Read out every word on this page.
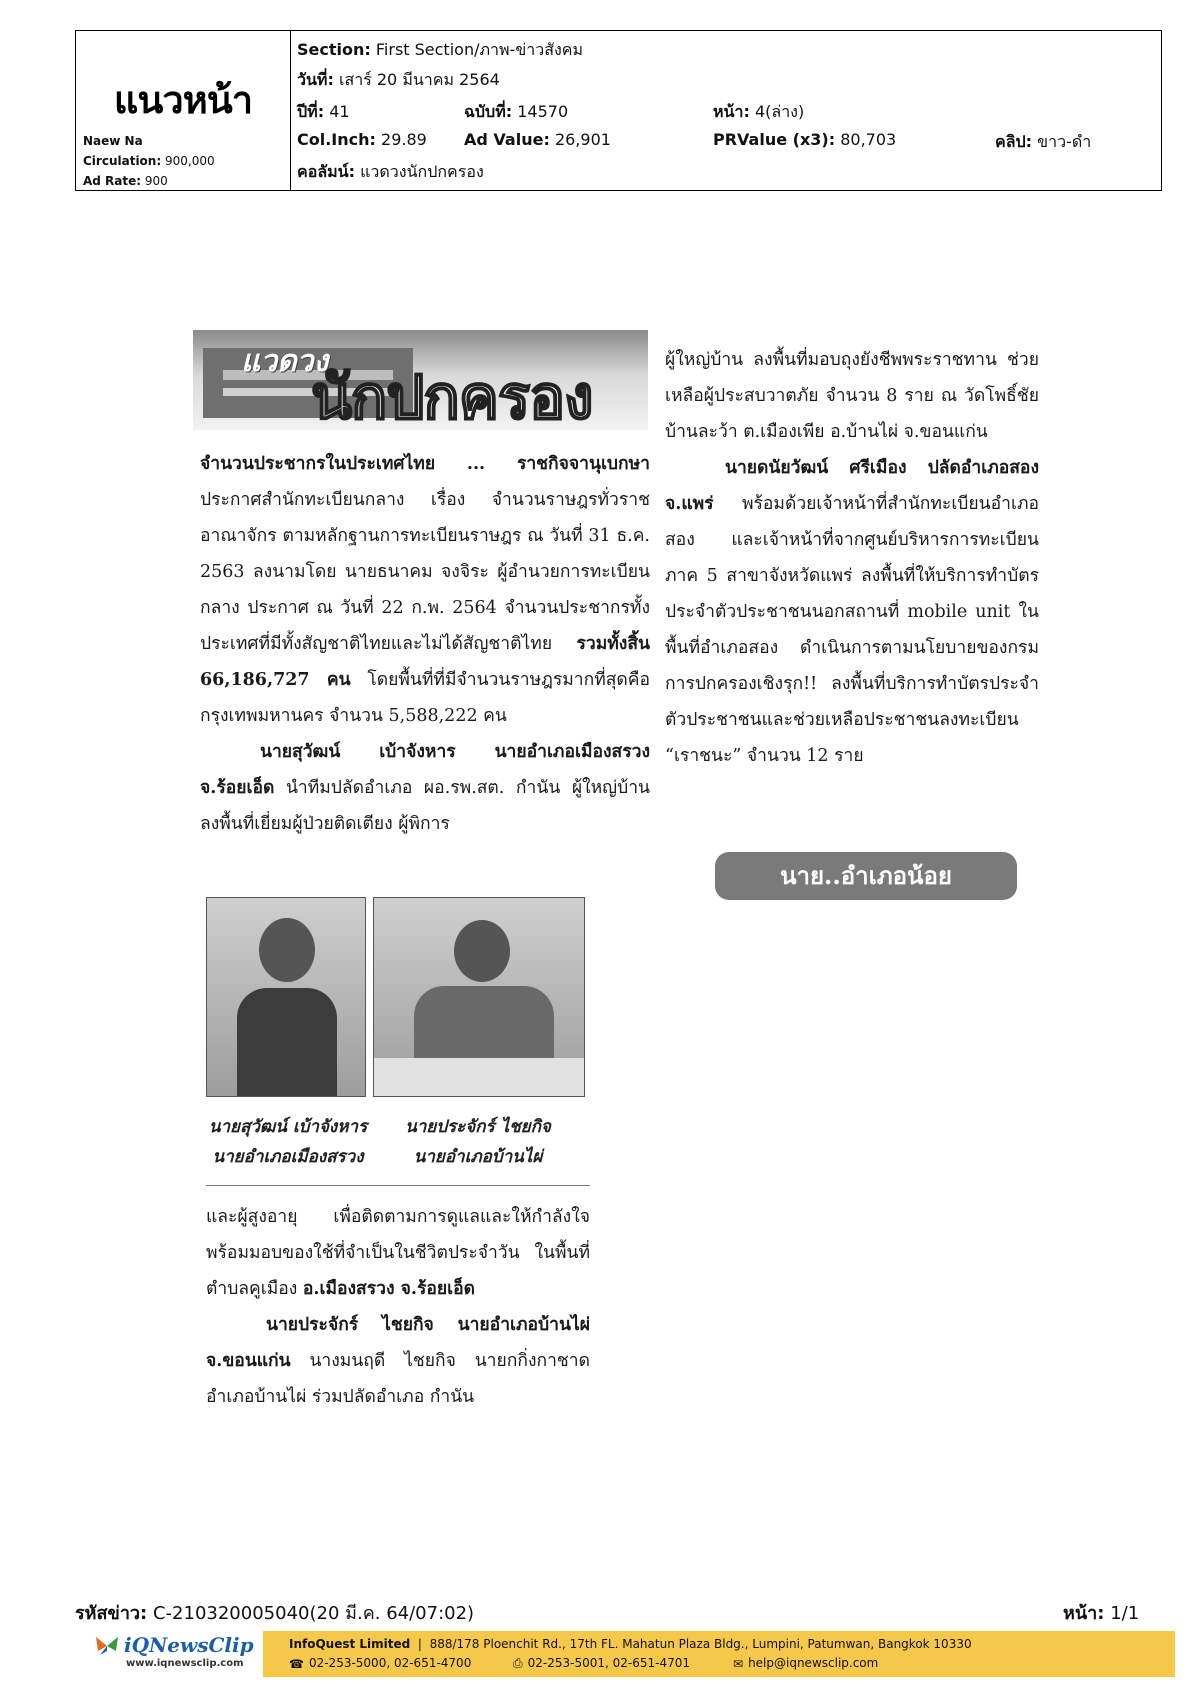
แนวหน้า
Naew Na
Circulation: 900,000
Ad Rate: 900
Section: First Section/ภาพ-ข่าวสังคม
วันที่: เสาร์ 20 มีนาคม 2564
ปีที่: 41	ฉบับที่: 14570	หน้า: 4(ล่าง)
Col.Inch: 29.89 Ad Value: 26,901	PRValue (x3): 80,703	คลิป: ขาว-ดำ
คอลัมน์: แวดวงนักปกครอง
แวดวง
นักปกครอง

จำนวนประชากรในประเทศไทย ... ราชกิจจานุเบกษา ประกาศสำนักทะเบียนกลาง เรื่อง จำนวนราษฎรทั่วราชอาณาจักร ตามหลักฐานการทะเบียนราษฎร ณ วันที่ 31 ธ.ค. 2563 ลงนามโดย นายธนาคม จงจิระ ผู้อำนวยการทะเบียนกลาง ประกาศ ณ วันที่ 22 ก.พ. 2564 จำนวนประชากรทั้งประเทศที่มีทั้งสัญชาติไทยและไม่ได้สัญชาติไทย รวมทั้งสิ้น 66,186,727 คน โดยพื้นที่ที่มีจำนวนราษฎรมากที่สุดคือ กรุงเทพมหานคร จำนวน 5,588,222 คน

นายสุวัฒน์ เบ้าจังหาร นายอำเภอเมืองสรวง จ.ร้อยเอ็ด นำทีมปลัดอำเภอ ผอ.รพ.สต. กำนัน ผู้ใหญ่บ้าน ลงพื้นที่เยี่ยมผู้ป่วยติดเตียง ผู้พิการ

นายสุวัฒน์ เบ้าจังหาร
นายอำเภอเมืองสรวง
นายประจักร์ ไชยกิจ
นายอำเภอบ้านไผ่

และผู้สูงอายุ เพื่อติดตามการดูแลและให้กำลังใจ พร้อมมอบของใช้ที่จำเป็นในชีวิตประจำวัน ในพื้นที่ตำบลคูเมือง อ.เมืองสรวง จ.ร้อยเอ็ด

นายประจักร์ ไชยกิจ นายอำเภอบ้านไผ่ จ.ขอนแก่น นางมนฤดี ไชยกิจ นายกกิ่งกาชาดอำเภอบ้านไผ่ ร่วมปลัดอำเภอ กำนัน

ผู้ใหญ่บ้าน ลงพื้นที่มอบถุงยังชีพพระราชทาน ช่วยเหลือผู้ประสบวาตภัย จำนวน 8 ราย ณ วัดโพธิ์ชัย บ้านละว้า ต.เมืองเพีย อ.บ้านไผ่ จ.ขอนแก่น

นายดนัยวัฒน์ ศรีเมือง ปลัดอำเภอสอง จ.แพร่ พร้อมด้วยเจ้าหน้าที่สำนักทะเบียนอำเภอสอง และเจ้าหน้าที่จากศูนย์บริหารการทะเบียนภาค 5 สาขาจังหวัดแพร่ ลงพื้นที่ให้บริการทำบัตรประจำตัวประชาชนนอกสถานที่ mobile unit ในพื้นที่อำเภอสอง ดำเนินการตามนโยบายของกรมการปกครองเชิงรุก!! ลงพื้นที่บริการทำบัตรประจำตัวประชาชนและช่วยเหลือประชาชนลงทะเบียน “เราชนะ” จำนวน 12 ราย

นาย..อำเภอน้อย
รหัสข่าว: C-210320005040(20 มี.ค. 64/07:02)	หน้า: 1/1
iQNewsClip
www.iqnewsclip.com
InfoQuest Limited  |  888/178 Ploenchit Rd., 17th FL. Mahatun Plaza Bldg., Lumpini, Patumwan, Bangkok 10330
☎ 02-253-5000, 02-651-4700	⎙ 02-253-5001, 02-651-4701	✉ help@iqnewsclip.com
